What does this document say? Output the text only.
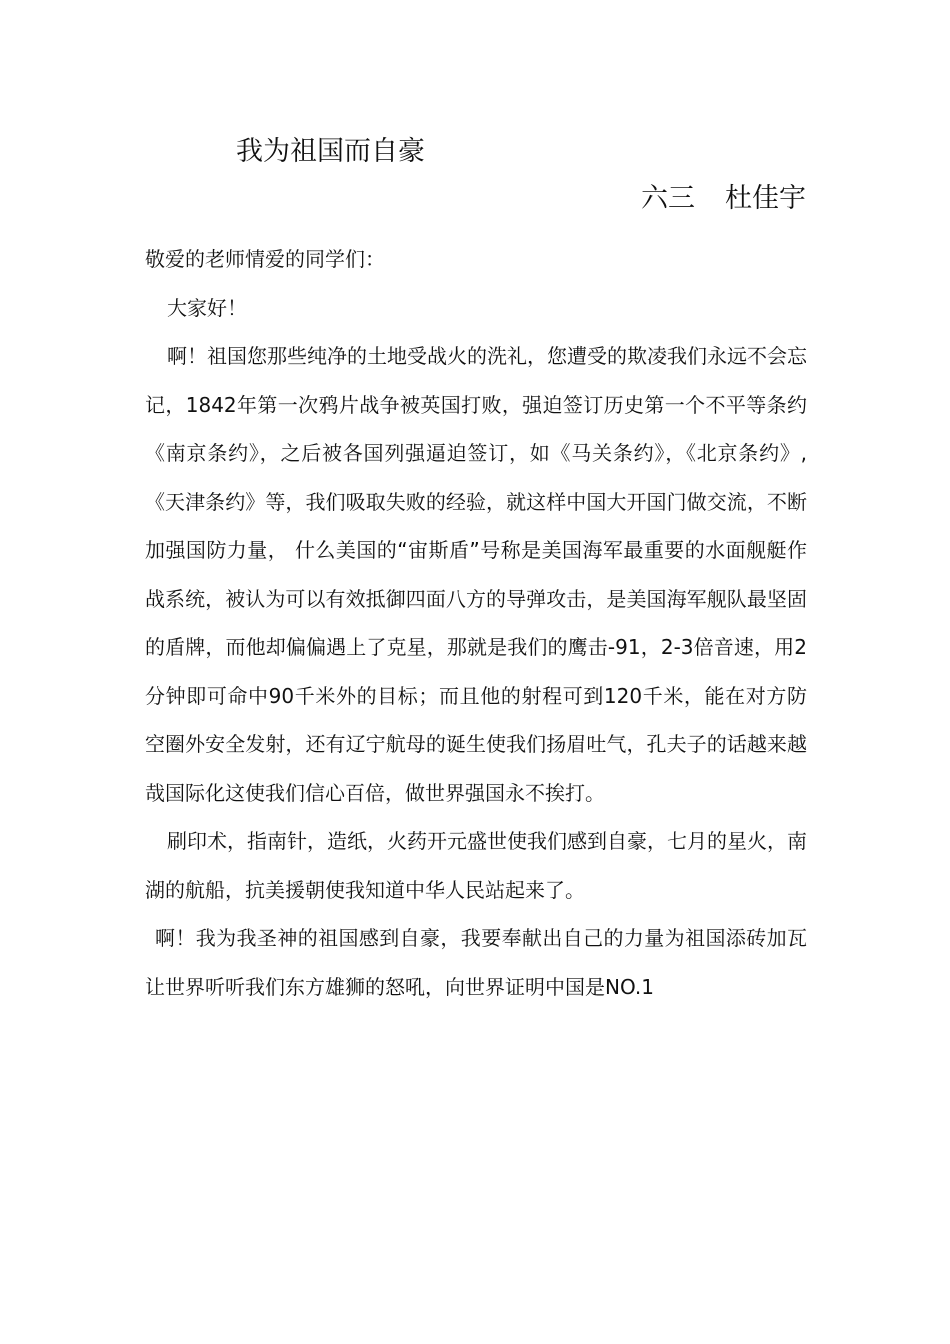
我为祖国而自豪
六三 杜佳宇

敬爱的老师情爱的同学们：

大家好！

啊！祖国您那些纯净的土地受战火的洗礼，您遭受的欺凌我们永远不会忘记，1842年第一次鸦片战争被英国打败，强迫签订历史第一个不平等条约《南京条约》，之后被各国列强逼迫签订，如《马关条约》，《北京条约》,《天津条约》等，我们吸取失败的经验，就这样中国大开国门做交流，不断加强国防力量， 什么美国的“宙斯盾”号称是美国海军最重要的水面舰艇作战系统，被认为可以有效抵御四面八方的导弹攻击，是美国海军舰队最坚固的盾牌，而他却偏偏遇上了克星，那就是我们的鹰击-91，2-3倍音速，用2分钟即可命中90千米外的目标；而且他的射程可到120千米，能在对方防空圈外安全发射，还有辽宁航母的诞生使我们扬眉吐气，孔夫子的话越来越哉国际化这使我们信心百倍，做世界强国永不挨打。

刷印术，指南针，造纸，火药开元盛世使我们感到自豪，七月的星火，南湖的航船，抗美援朝使我知道中华人民站起来了。

啊！我为我圣神的祖国感到自豪，我要奉献出自己的力量为祖国添砖加瓦让世界听听我们东方雄狮的怒吼，向世界证明中国是NO.1
